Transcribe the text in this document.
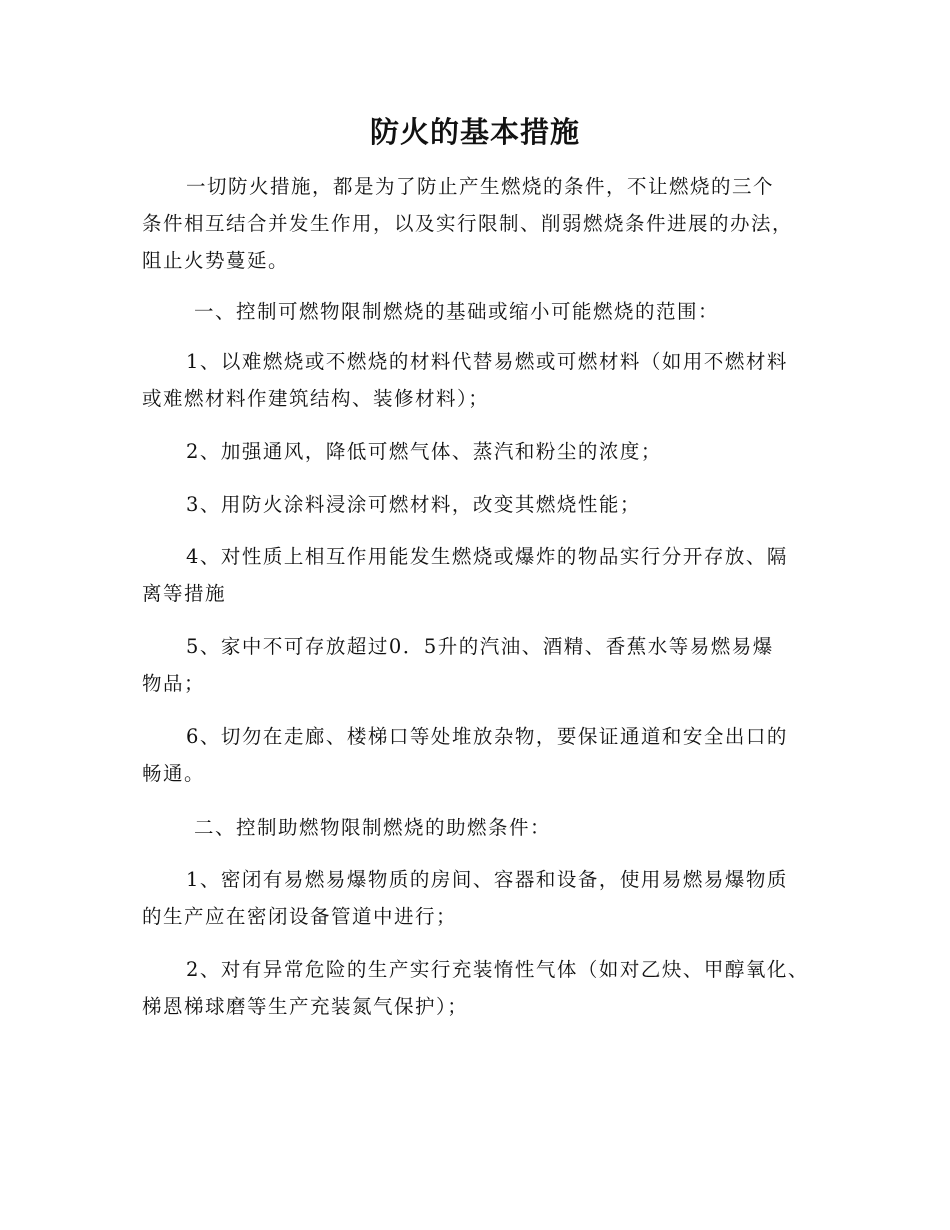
防火的基本措施
一切防火措施，都是为了防止产生燃烧的条件，不让燃烧的三个
条件相互结合并发生作用，以及实行限制、削弱燃烧条件进展的办法，
阻止火势蔓延。
一、控制可燃物限制燃烧的基础或缩小可能燃烧的范围：
1、以难燃烧或不燃烧的材料代替易燃或可燃材料（如用不燃材料
或难燃材料作建筑结构、装修材料）；
2、加强通风，降低可燃气体、蒸汽和粉尘的浓度；
3、用防火涂料浸涂可燃材料，改变其燃烧性能；
4、对性质上相互作用能发生燃烧或爆炸的物品实行分开存放、隔
离等措施
5、家中不可存放超过0．5升的汽油、酒精、香蕉水等易燃易爆
物品；
6、切勿在走廊、楼梯口等处堆放杂物，要保证通道和安全出口的
畅通。
二、控制助燃物限制燃烧的助燃条件：
1、密闭有易燃易爆物质的房间、容器和设备，使用易燃易爆物质
的生产应在密闭设备管道中进行；
2、对有异常危险的生产实行充装惰性气体（如对乙炔、甲醇氧化、
梯恩梯球磨等生产充装氮气保护）；
